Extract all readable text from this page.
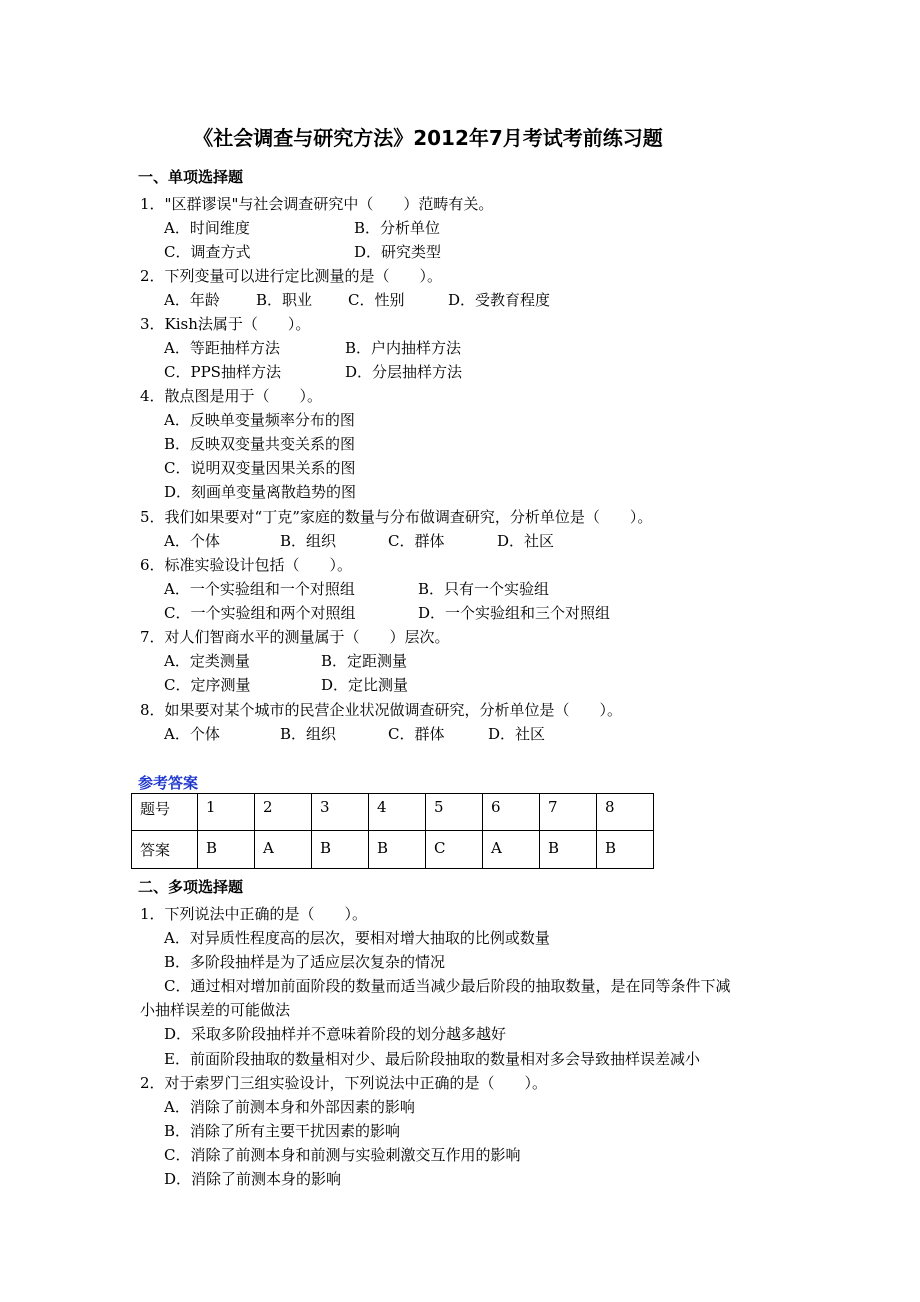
《社会调查与研究方法》2012年7月考试考前练习题
一、单项选择题
1．"区群谬误"与社会调查研究中（　　）范畴有关。
A．时间维度	B．分析单位
C．调查方式	D．研究类型
2．下列变量可以进行定比测量的是（　　）。
A．年龄 B．职业 C．性别	D．受教育程度
3．Kish法属于（　　）。
A．等距抽样方法	B．户内抽样方法
C．PPS抽样方法	D．分层抽样方法
4．散点图是用于（　　）。
A．反映单变量频率分布的图
B．反映双变量共变关系的图
C．说明双变量因果关系的图
D．刻画单变量离散趋势的图
5．我们如果要对“丁克”家庭的数量与分布做调查研究，分析单位是（　　）。
A．个体	B．组织	C．群体	D．社区
6．标准实验设计包括（　　）。
A．一个实验组和一个对照组	B．只有一个实验组
C．一个实验组和两个对照组	D．一个实验组和三个对照组
7．对人们智商水平的测量属于（　　）层次。
A．定类测量	B．定距测量
C．定序测量	D．定比测量
8．如果要对某个城市的民营企业状况做调查研究，分析单位是（　　）。
A．个体	B．组织	C．群体	D．社区
参考答案
题号	1	2	3	4	5	6	7	8
答案	B	A	B	B	C	A	B	B
二、多项选择题
1．下列说法中正确的是（　　）。
A．对异质性程度高的层次，要相对增大抽取的比例或数量
B．多阶段抽样是为了适应层次复杂的情况
C．通过相对增加前面阶段的数量而适当减少最后阶段的抽取数量，是在同等条件下减
小抽样误差的可能做法
D．采取多阶段抽样并不意味着阶段的划分越多越好
E．前面阶段抽取的数量相对少、最后阶段抽取的数量相对多会导致抽样误差减小
2．对于索罗门三组实验设计，下列说法中正确的是（　　）。
A．消除了前测本身和外部因素的影响
B．消除了所有主要干扰因素的影响
C．消除了前测本身和前测与实验刺激交互作用的影响
D．消除了前测本身的影响
